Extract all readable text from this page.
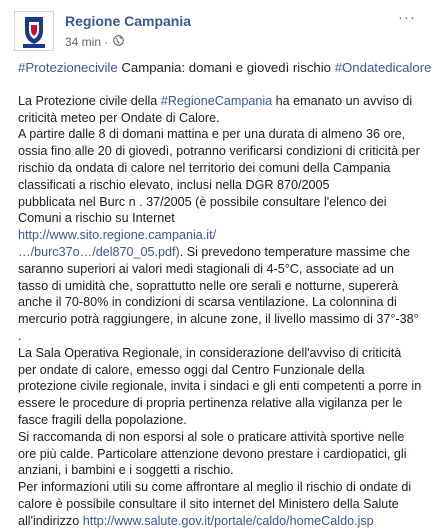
Regione Campania
34 min ·
···
#Protezionecivile Campania: domani e giovedì rischio #Ondatedicalore
La Protezione civile della #RegioneCampania ha emanato un avviso di
criticità meteo per Ondate di Calore.
A partire dalle 8 di domani mattina e per una durata di almeno 36 ore,
ossia fino alle 20 di giovedì, potranno verificarsi condizioni di criticità per
rischio da ondata di calore nel territorio dei comuni della Campania
classificati a rischio elevato, inclusi nella DGR 870/2005
pubblicata nel Burc n . 37/2005 (è possibile consultare l'elenco dei
Comuni a rischio su Internet
http://www.sito.regione.campania.it/
…/burc37o…/del870_05.pdf). Si prevedono temperature massime che
saranno superiori ai valori medi stagionali di 4-5°C, associate ad un
tasso di umidità che, soprattutto nelle ore serali e notturne, supererà
anche il 70-80% in condizioni di scarsa ventilazione. La colonnina di
mercurio potrà raggiungere, in alcune zone, il livello massimo di 37°-38°
.
La Sala Operativa Regionale, in considerazione dell'avviso di criticità
per ondate di calore, emesso oggi dal Centro Funzionale della
protezione civile regionale, invita i sindaci e gli enti competenti a porre in
essere le procedure di propria pertinenza relative alla vigilanza per le
fasce fragili della popolazione.
Si raccomanda di non esporsi al sole o praticare attività sportive nelle
ore più calde. Particolare attenzione devono prestare i cardiopatici, gli
anziani, i bambini e i soggetti a rischio.
Per informazioni utili su come affrontare al meglio il rischio di ondate di
calore è possibile consultare il sito internet del Ministero della Salute
all'indirizzo http://www.salute.gov.it/portale/caldo/homeCaldo.jsp
